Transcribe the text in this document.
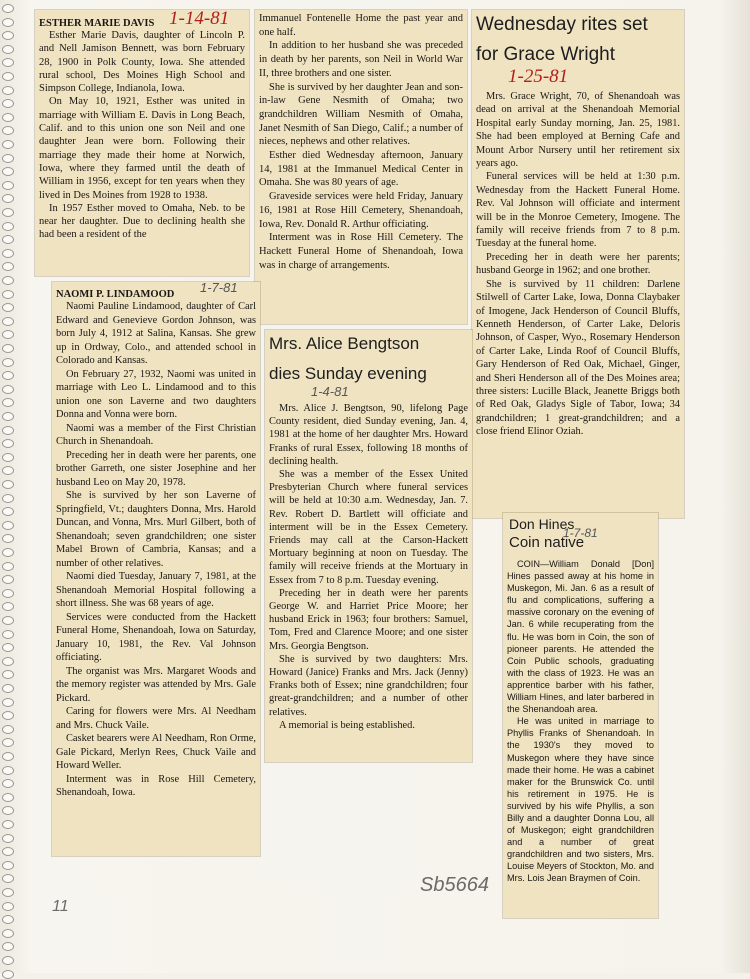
ESTHER MARIE DAVIS 1-14-81

Esther Marie Davis, daughter of Lincoln P. and Nell Jamison Bennett, was born February 28, 1900 in Polk County, Iowa. She attended rural school, Des Moines High School and Simpson College, Indianola, Iowa.

On May 10, 1921, Esther was united in marriage with William E. Davis in Long Beach, Calif. and to this union one son Neil and one daughter Jean were born. Following their marriage they made their home at Norwich, Iowa, where they farmed until the death of William in 1956, except for ten years when they lived in Des Moines from 1928 to 1938.

In 1957 Esther moved to Omaha, Neb. to be near her daughter. Due to declining health she had been a resident of the

Immanuel Fontenelle Home the past year and one half.

In addition to her husband she was preceded in death by her parents, son Neil in World War II, three brothers and one sister.

She is survived by her daughter Jean and son-in-law Gene Nesmith of Omaha; two grandchildren William Nesmith of Omaha, Janet Nesmith of San Diego, Calif.; a number of nieces, nephews and other relatives.

Esther died Wednesday afternoon, January 14, 1981 at the Immanuel Medical Center in Omaha. She was 80 years of age.

Graveside services were held Friday, January 16, 1981 at Rose Hill Cemetery, Shenandoah, Iowa, Rev. Donald R. Arthur officiating.

Interment was in Rose Hill Cemetery. The Hackett Funeral Home of Shenandoah, Iowa was in charge of arrangements.

Wednesday rites set
for Grace Wright
1-25-81

Mrs. Grace Wright, 70, of Shenandoah was dead on arrival at the Shenandoah Memorial Hospital early Sunday morning, Jan. 25, 1981. She had been employed at Berning Cafe and Mount Arbor Nursery until her retirement six years ago.

Funeral services will be held at 1:30 p.m. Wednesday from the Hackett Funeral Home. Rev. Val Johnson will officiate and interment will be in the Monroe Cemetery, Imogene. The family will receive friends from 7 to 8 p.m. Tuesday at the funeral home.

Preceding her in death were her parents; husband George in 1962; and one brother.

She is survived by 11 children: Darlene Stilwell of Carter Lake, Iowa, Donna Claybaker of Imogene, Jack Henderson of Council Bluffs, Kenneth Henderson, of Carter Lake, Deloris Johnson, of Casper, Wyo., Rosemary Henderson of Carter Lake, Linda Roof of Council Bluffs, Gary Henderson of Red Oak, Michael, Ginger, and Sheri Henderson all of the Des Moines area; three sisters: Lucille Black, Jeanette Briggs both of Red Oak, Gladys Sigle of Tabor, Iowa; 34 grandchildren; 1 great-grandchildren; and a close friend Elinor Oziah.

NAOMI P. LINDAMOOD 1-7-81

Naomi Pauline Lindamood, daughter of Carl Edward and Genevieve Gordon Johnson, was born July 4, 1912 at Salina, Kansas. She grew up in Ordway, Colo., and attended school in Colorado and Kansas.

On February 27, 1932, Naomi was united in marriage with Leo L. Lindamood and to this union one son Laverne and two daughters Donna and Vonna were born.

Naomi was a member of the First Christian Church in Shenandoah.

Preceding her in death were her parents, one brother Garreth, one sister Josephine and her husband Leo on May 20, 1978.

She is survived by her son Laverne of Springfield, Vt.; daughters Donna, Mrs. Harold Duncan, and Vonna, Mrs. Murl Gilbert, both of Shenandoah; seven grandchildren; one sister Mabel Brown of Cambria, Kansas; and a number of other relatives.

Naomi died Tuesday, January 7, 1981, at the Shenandoah Memorial Hospital following a short illness. She was 68 years of age.

Services were conducted from the Hackett Funeral Home, Shenandoah, Iowa on Saturday, January 10, 1981, the Rev. Val Johnson officiating.

The organist was Mrs. Margaret Woods and the memory register was attended by Mrs. Gale Pickard.

Caring for flowers were Mrs. Al Needham and Mrs. Chuck Vaile.

Casket bearers were Al Needham, Ron Orme, Gale Pickard, Merlyn Rees, Chuck Vaile and Howard Weller.

Interment was in Rose Hill Cemetery, Shenandoah, Iowa.

Mrs. Alice Bengtson
dies Sunday evening
1-4-81

Mrs. Alice J. Bengtson, 90, lifelong Page County resident, died Sunday evening, Jan. 4, 1981 at the home of her daughter Mrs. Howard Franks of rural Essex, following 18 months of declining health.

She was a member of the Essex United Presbyterian Church where funeral services will be held at 10:30 a.m. Wednesday, Jan. 7. Rev. Robert D. Bartlett will officiate and interment will be in the Essex Cemetery. Friends may call at the Carson-Hackett Mortuary beginning at noon on Tuesday. The family will receive friends at the Mortuary in Essex from 7 to 8 p.m. Tuesday evening.

Preceding her in death were her parents George W. and Harriet Price Moore; her husband Erick in 1963; four brothers: Samuel, Tom, Fred and Clarence Moore; and one sister Mrs. Georgia Bengtson.

She is survived by two daughters: Mrs. Howard (Janice) Franks and Mrs. Jack (Jenny) Franks both of Essex; nine grandchildren; four great-grandchildren; and a number of other relatives.

A memorial is being established.

Don Hines
Coin native
1-7-81

COIN—William Donald [Don] Hines passed away at his home in Muskegon, Mi. Jan. 6 as a result of flu and complications, suffering a massive coronary on the evening of Jan. 6 while recuperating from the flu. He was born in Coin, the son of pioneer parents. He attended the Coin Public schools, graduating with the class of 1923. He was an apprentice barber with his father, William Hines, and later barbered in the Shenandoah area.

He was united in marriage to Phyllis Franks of Shenandoah. In the 1930's they moved to Muskegon where they have since made their home. He was a cabinet maker for the Brunswick Co. until his retirement in 1975. He is survived by his wife Phyllis, a son Billy and a daughter Donna Lou, all of Muskegon; eight grandchildren and a number of great grandchildren and two sisters, Mrs. Louise Meyers of Stockton, Mo. and Mrs. Lois Jean Braymen of Coin.

Sb5664
11
